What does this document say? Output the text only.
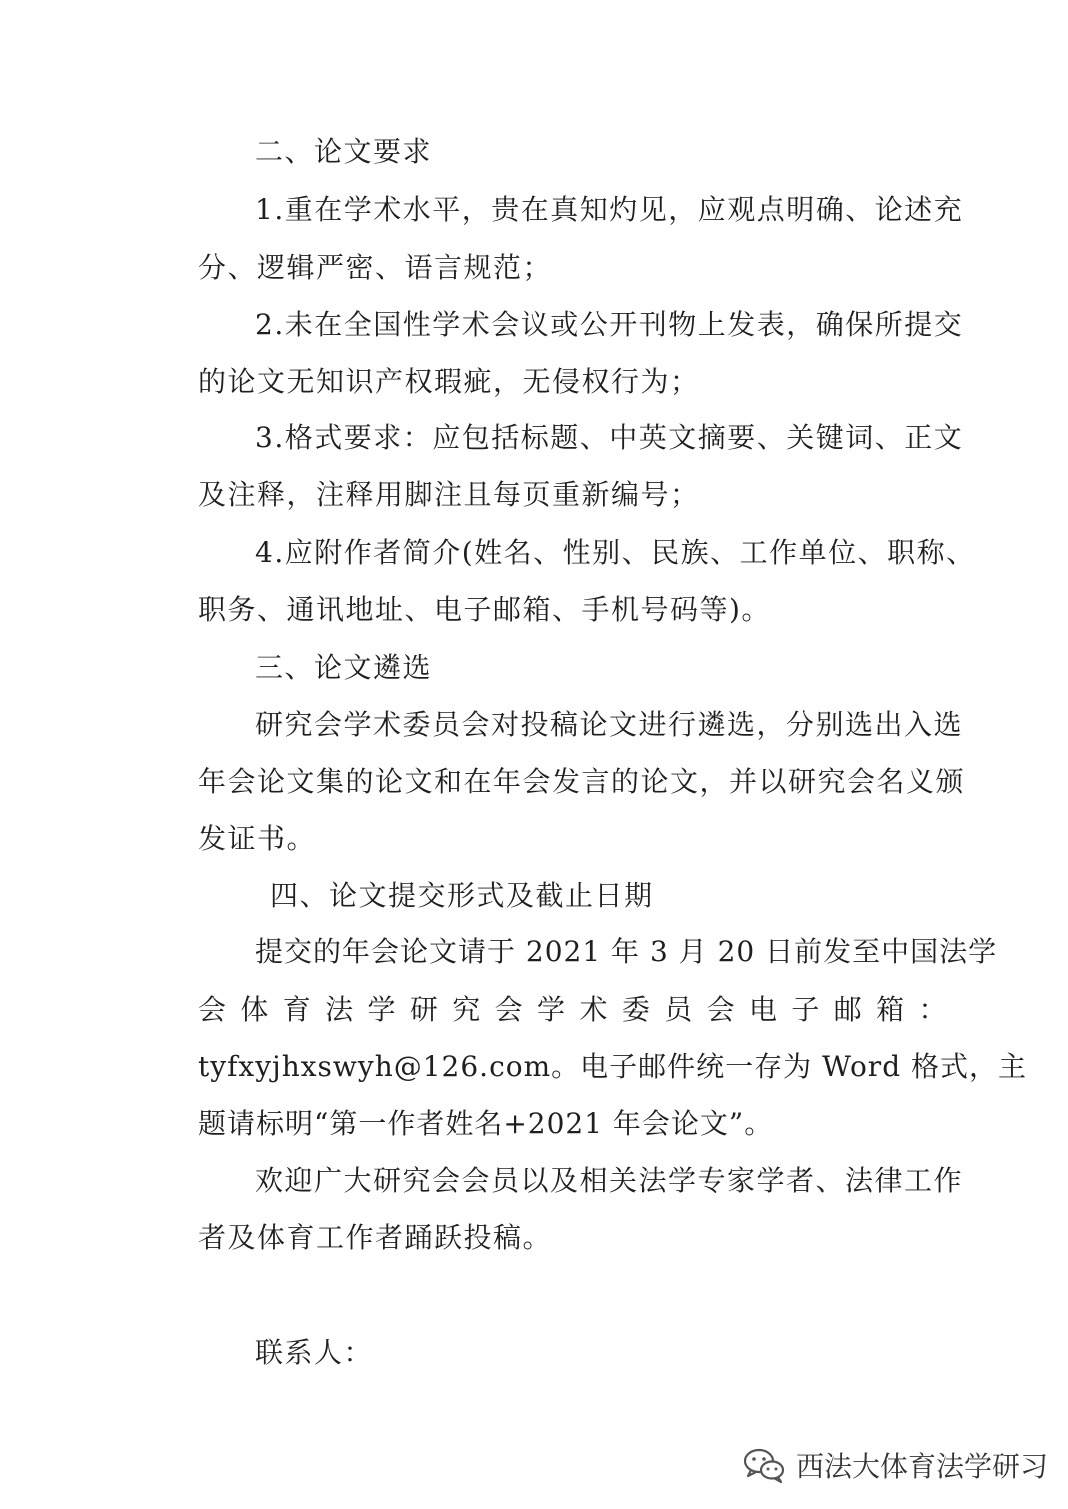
二、论文要求
1.重在学术水平，贵在真知灼见，应观点明确、论述充
分、逻辑严密、语言规范；
2.未在全国性学术会议或公开刊物上发表，确保所提交
的论文无知识产权瑕疵，无侵权行为；
3.格式要求：应包括标题、中英文摘要、关键词、正文
及注释，注释用脚注且每页重新编号；
4.应附作者简介(姓名、性别、民族、工作单位、职称、
职务、通讯地址、电子邮箱、手机号码等)。
三、论文遴选
研究会学术委员会对投稿论文进行遴选，分别选出入选
年会论文集的论文和在年会发言的论文，并以研究会名义颁
发证书。
四、论文提交形式及截止日期
提交的年会论文请于 2021 年 3 月 20 日前发至中国法学
会 体 育 法 学 研 究 会 学 术 委 员 会 电 子 邮 箱 ：
tyfxyjhxswyh@126.com。电子邮件统一存为 Word 格式，主
题请标明“第一作者姓名+2021 年会论文”。
欢迎广大研究会会员以及相关法学专家学者、法律工作
者及体育工作者踊跃投稿。
联系人：
西法大体育法学研习
